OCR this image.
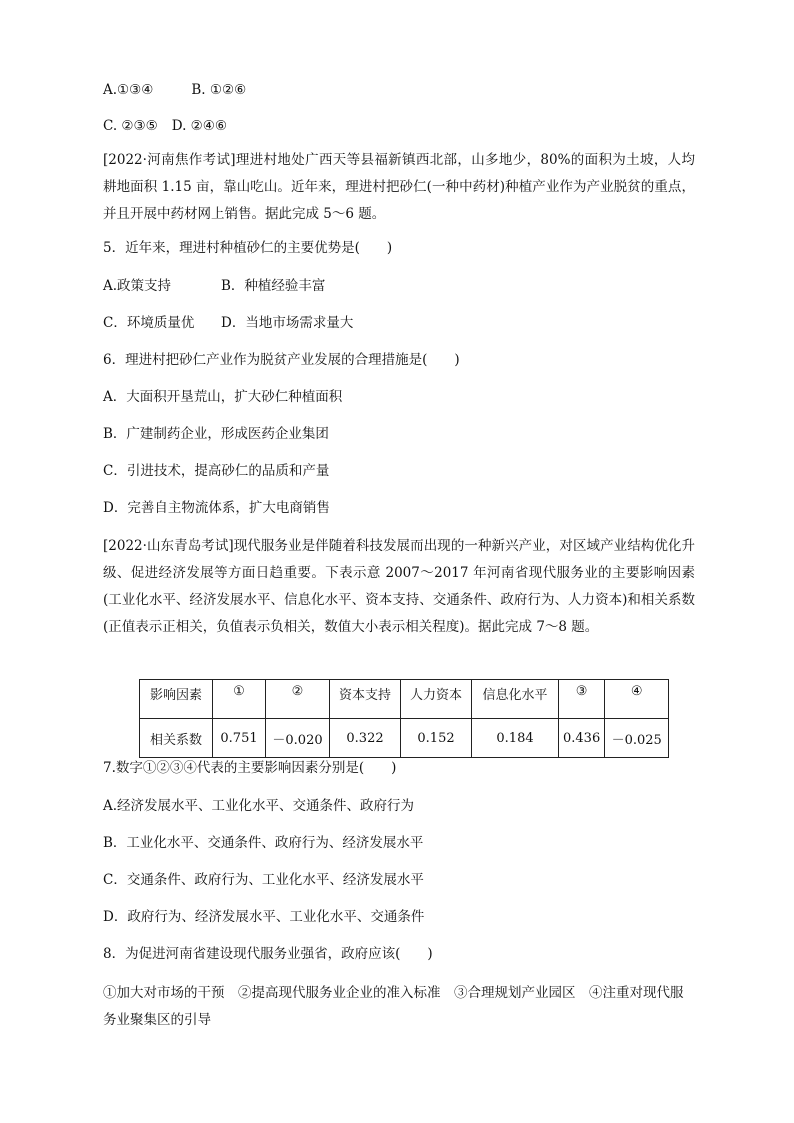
A.①③④	B. ①②⑥
C. ②③⑤ D. ②④⑥
[2022·河南焦作考试]理进村地处广西天等县福新镇西北部，山多地少，80%的面积为土坡，人均耕地面积 1.15 亩，靠山吃山。近年来，理进村把砂仁(一种中药材)种植产业作为产业脱贫的重点，并且开展中药材网上销售。据此完成 5～6 题。
5．近年来，理进村种植砂仁的主要优势是(　　)
A.政策支持	B．种植经验丰富
C．环境质量优 D．当地市场需求量大
6．理进村把砂仁产业作为脱贫产业发展的合理措施是(　　)
A．大面积开垦荒山，扩大砂仁种植面积
B．广建制药企业，形成医药企业集团
C．引进技术，提高砂仁的品质和产量
D．完善自主物流体系，扩大电商销售
[2022·山东青岛考试]现代服务业是伴随着科技发展而出现的一种新兴产业，对区域产业结构优化升级、促进经济发展等方面日趋重要。下表示意 2007～2017 年河南省现代服务业的主要影响因素(工业化水平、经济发展水平、信息化水平、资本支持、交通条件、政府行为、人力资本)和相关系数(正值表示正相关，负值表示负相关，数值大小表示相关程度)。据此完成 7～8 题。
影响因素	①	②	资本支持	人力资本	信息化水平	③	④
相关系数	0.751	－0.020	0.322	0.152	0.184	0.436	－0.025
7.数字①②③④代表的主要影响因素分别是(　　)
A.经济发展水平、工业化水平、交通条件、政府行为
B．工业化水平、交通条件、政府行为、经济发展水平
C．交通条件、政府行为、工业化水平、经济发展水平
D．政府行为、经济发展水平、工业化水平、交通条件
8．为促进河南省建设现代服务业强省，政府应该(　　)
①加大对市场的干预　②提高现代服务业企业的准入标准　③合理规划产业园区　④注重对现代服务业聚集区的引导
